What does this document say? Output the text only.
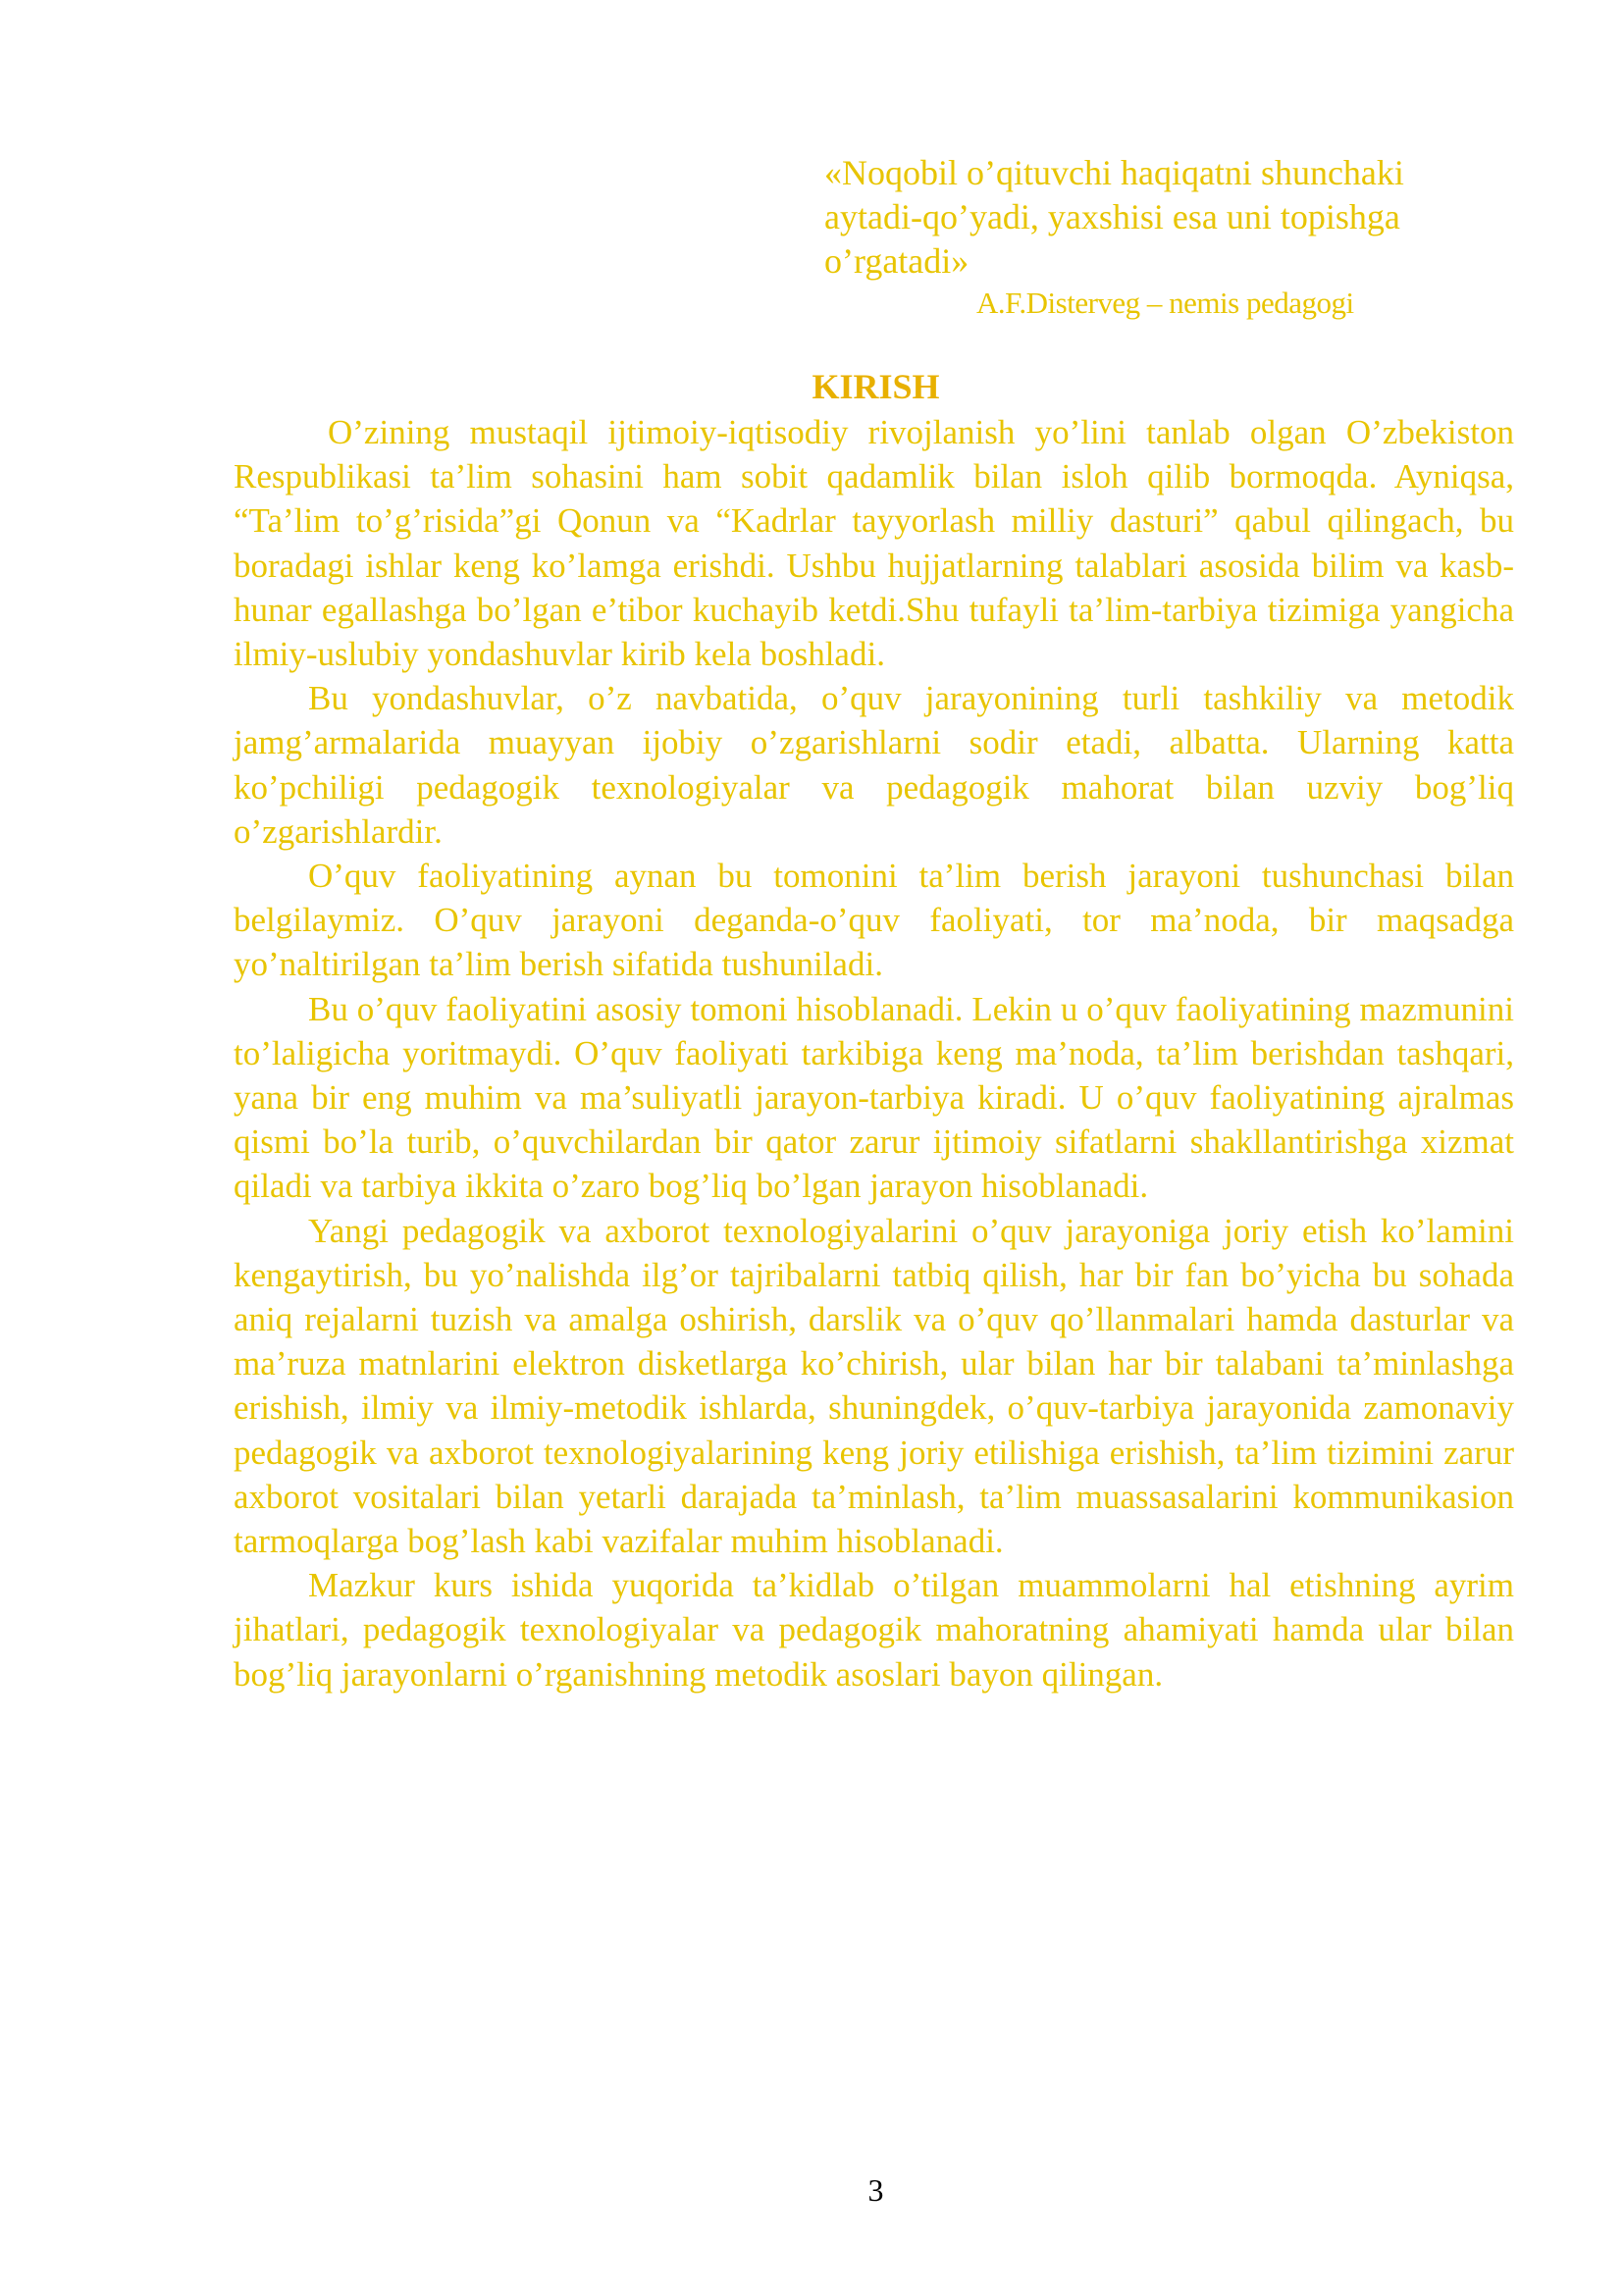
«Noqobil o’qituvchi haqiqatni shunchaki aytadi-qo’yadi, yaxshisi esa uni topishga o’rgatadi»

A.F.Disterveg – nemis pedagogi

KIRISH

O’zining mustaqil ijtimoiy-iqtisodiy rivojlanish yo’lini tanlab olgan O’zbekiston Respublikasi ta’lim sohasini ham sobit qadamlik bilan isloh qilib bormoqda. Ayniqsa, “Ta’lim to’g’risida”gi Qonun va “Kadrlar tayyorlash milliy dasturi” qabul qilingach, bu boradagi ishlar keng ko’lamga erishdi. Ushbu hujjatlarning talablari asosida bilim va kasb-hunar egallashga bo’lgan e’tibor kuchayib ketdi.Shu tufayli ta’lim-tarbiya tizimiga yangicha ilmiy-uslubiy yondashuvlar kirib kela boshladi.

Bu yondashuvlar, o’z navbatida, o’quv jarayonining turli tashkiliy va metodik jamg’armalarida muayyan ijobiy o’zgarishlarni sodir etadi, albatta. Ularning katta ko’pchiligi pedagogik texnologiyalar va pedagogik mahorat bilan uzviy bog’liq o’zgarishlardir.

O’quv faoliyatining aynan bu tomonini ta’lim berish jarayoni tushunchasi bilan belgilaymiz. O’quv jarayoni deganda-o’quv faoliyati, tor ma’noda, bir maqsadga yo’naltirilgan ta’lim berish sifatida tushuniladi.

Bu o’quv faoliyatini asosiy tomoni hisoblanadi. Lekin u o’quv faoliyatining mazmunini to’laligicha yoritmaydi. O’quv faoliyati tarkibiga keng ma’noda, ta’lim berishdan tashqari, yana bir eng muhim va ma’suliyatli jarayon-tarbiya kiradi. U o’quv faoliyatining ajralmas qismi bo’la turib, o’quvchilardan bir qator zarur ijtimoiy sifatlarni shakllantirishga xizmat qiladi va tarbiya ikkita o’zaro bog’liq bo’lgan jarayon hisoblanadi.

Yangi pedagogik va axborot texnologiyalarini o’quv jarayoniga joriy etish ko’lamini kengaytirish, bu yo’nalishda ilg’or tajribalarni tatbiq qilish, har bir fan bo’yicha bu sohada aniq rejalarni tuzish va amalga oshirish, darslik va o’quv qo’llanmalari hamda dasturlar va ma’ruza matnlarini elektron disketlarga ko’chirish, ular bilan har bir talabani ta’minlashga erishish, ilmiy va ilmiy-metodik ishlarda, shuningdek, o’quv-tarbiya jarayonida zamonaviy pedagogik va axborot texnologiyalarining keng joriy etilishiga erishish, ta’lim tizimini zarur axborot vositalari bilan yetarli darajada ta’minlash, ta’lim muassasalarini kommunikasion tarmoqlarga bog’lash kabi vazifalar muhim hisoblanadi.

Mazkur kurs ishida yuqorida ta’kidlab o’tilgan muammolarni hal etishning ayrim jihatlari, pedagogik texnologiyalar va pedagogik mahoratning ahamiyati hamda ular bilan bog’liq jarayonlarni o’rganishning metodik asoslari bayon qilingan.

3
